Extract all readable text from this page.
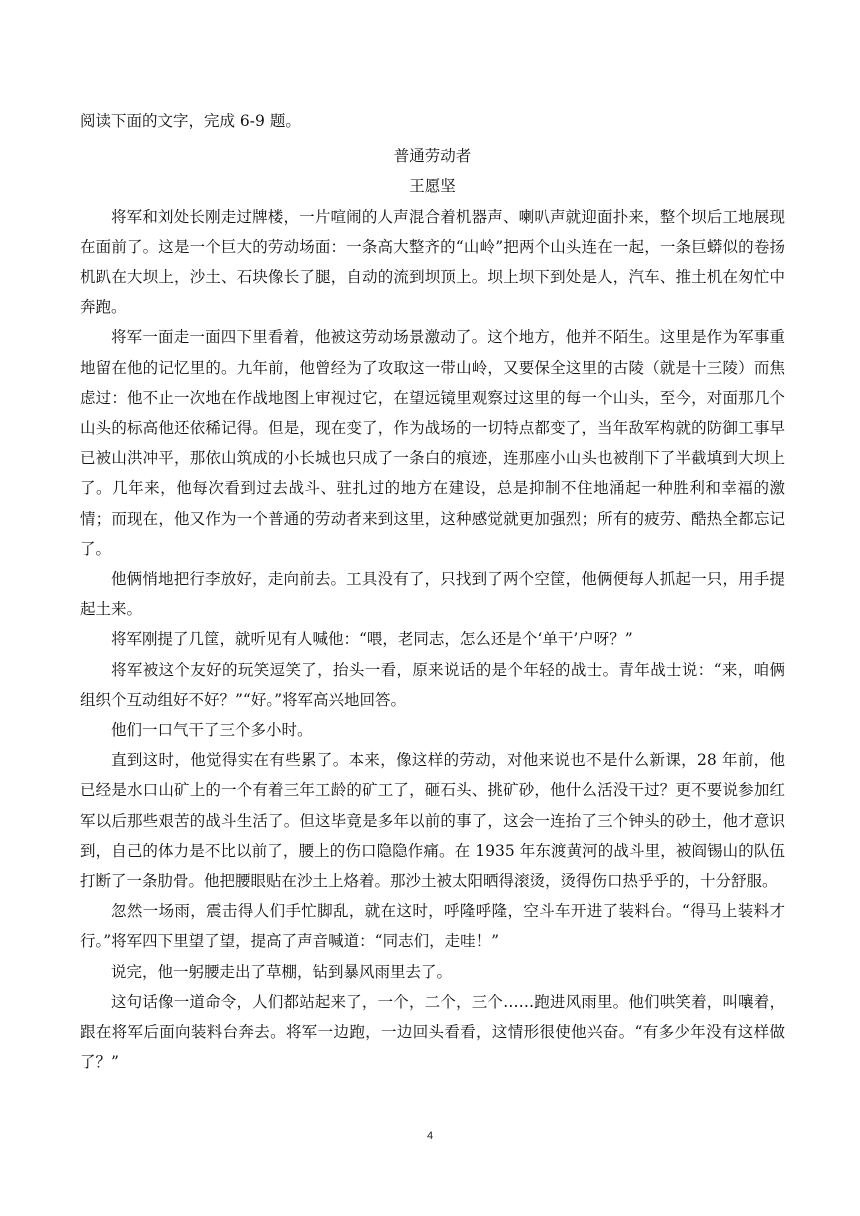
阅读下面的文字，完成 6-9 题。

普通劳动者

王愿坚

将军和刘处长刚走过牌楼，一片喧闹的人声混合着机器声、喇叭声就迎面扑来，整个坝后工地展现在面前了。这是一个巨大的劳动场面：一条高大整齐的“山岭”把两个山头连在一起，一条巨蟒似的卷扬机趴在大坝上，沙土、石块像长了腿，自动的流到坝顶上。坝上坝下到处是人，汽车、推土机在匆忙中奔跑。

将军一面走一面四下里看着，他被这劳动场景激动了。这个地方，他并不陌生。这里是作为军事重地留在他的记忆里的。九年前，他曾经为了攻取这一带山岭，又要保全这里的古陵（就是十三陵）而焦虑过：他不止一次地在作战地图上审视过它，在望远镜里观察过这里的每一个山头，至今，对面那几个山头的标高他还依稀记得。但是，现在变了，作为战场的一切特点都变了，当年敌军构就的防御工事早已被山洪冲平，那依山筑成的小长城也只成了一条白的痕迹，连那座小山头也被削下了半截填到大坝上了。几年来，他每次看到过去战斗、驻扎过的地方在建设，总是抑制不住地涌起一种胜利和幸福的激情；而现在，他又作为一个普通的劳动者来到这里，这种感觉就更加强烈；所有的疲劳、酷热全都忘记了。

他俩悄地把行李放好，走向前去。工具没有了，只找到了两个空筐，他俩便每人抓起一只，用手提起土来。

将军刚提了几筐，就听见有人喊他：“喂，老同志，怎么还是个‘单干’户呀？”

将军被这个友好的玩笑逗笑了，抬头一看，原来说话的是个年轻的战士。青年战士说：“来，咱俩组织个互动组好不好？”“好。”将军高兴地回答。

他们一口气干了三个多小时。

直到这时，他觉得实在有些累了。本来，像这样的劳动，对他来说也不是什么新课，28 年前，他已经是水口山矿上的一个有着三年工龄的矿工了，砸石头、挑矿砂，他什么活没干过？更不要说参加红军以后那些艰苦的战斗生活了。但这毕竟是多年以前的事了，这会一连抬了三个钟头的砂土，他才意识到，自己的体力是不比以前了，腰上的伤口隐隐作痛。在 1935 年东渡黄河的战斗里，被阎锡山的队伍打断了一条肋骨。他把腰眼贴在沙土上烙着。那沙土被太阳晒得滚烫，烫得伤口热乎乎的，十分舒服。

忽然一场雨，震击得人们手忙脚乱，就在这时，呼隆呼隆，空斗车开进了装料台。“得马上装料才行。”将军四下里望了望，提高了声音喊道：“同志们，走哇！”

说完，他一躬腰走出了草棚，钻到暴风雨里去了。

这句话像一道命令，人们都站起来了，一个，二个，三个……跑进风雨里。他们哄笑着，叫嚷着，跟在将军后面向装料台奔去。将军一边跑，一边回头看看，这情形很使他兴奋。“有多少年没有这样做了？”

4
